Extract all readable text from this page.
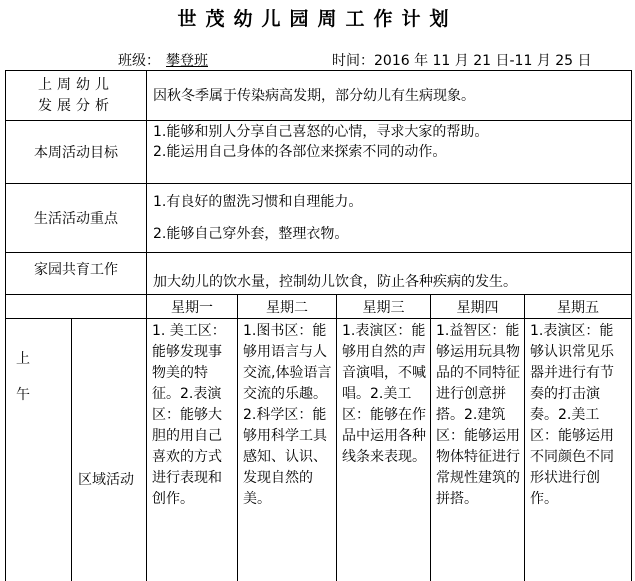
世茂幼儿园周工作计划
班级： 攀登班	时间：2016 年 11 月 21 日-11 月 25 日
上周幼儿
发展分析		因秋冬季属于传染病高发期，部分幼儿有生病现象。				
本周活动目标		1.能够和别人分享自己喜怒的心情，寻求大家的帮助。
2.能运用自己身体的各部位来探索不同的动作。				

生活活动重点		1.有良好的盥洗习惯和自理能力。
2.能够自己穿外套，整理衣物。				

家园共育工作		加大幼儿的饮水量，控制幼儿饮食，防止各种疾病的发生。				
		星期一	星期二	星期三	星期四	星期五

上
午	区域活动	1. 美工区：能够发现事物美的特征。2.表演区：能够大胆的用自己喜欢的方式进行表现和创作。	1.图书区：能够用语言与人交流,体验语言交流的乐趣。2.科学区：能够用科学工具感知、认识、发现自然的美。	1.表演区：能够用自然的声音演唱，不喊唱。2.美工区：能够在作品中运用各种线条来表现。	1.益智区：能够运用玩具物品的不同特征进行创意拼搭。2.建筑区：能够运用物体特征进行常规性建筑的拼搭。	1.表演区：能够认识常见乐器并进行有节奏的打击演奏。2.美工区：能够运用不同颜色不同形状进行创作。
